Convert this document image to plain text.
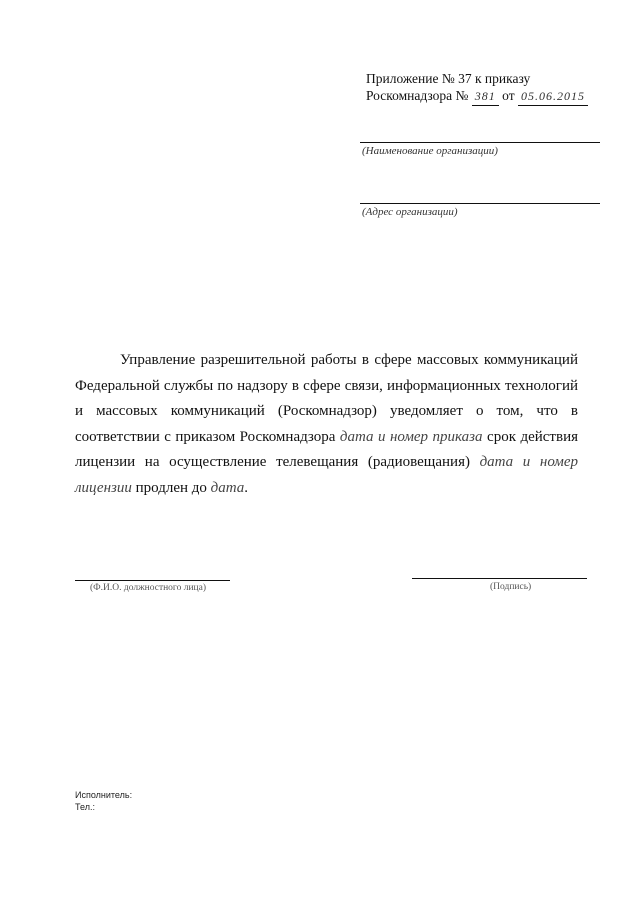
Приложение № 37 к приказу
Роскомнадзора № 381 от 05.06.2015
(Наименование организации)
(Адрес организации)
Управление разрешительной работы в сфере массовых коммуникаций Федеральной службы по надзору в сфере связи, информационных технологий и массовых коммуникаций (Роскомнадзор) уведомляет о том, что в соответствии с приказом Роскомнадзора дата и номер приказа срок действия лицензии на осуществление телевещания (радиовещания) дата и номер лицензии продлен до дата.
(Ф.И.О. должностного лица)	(Подпись)
Исполнитель:
Тел.:
